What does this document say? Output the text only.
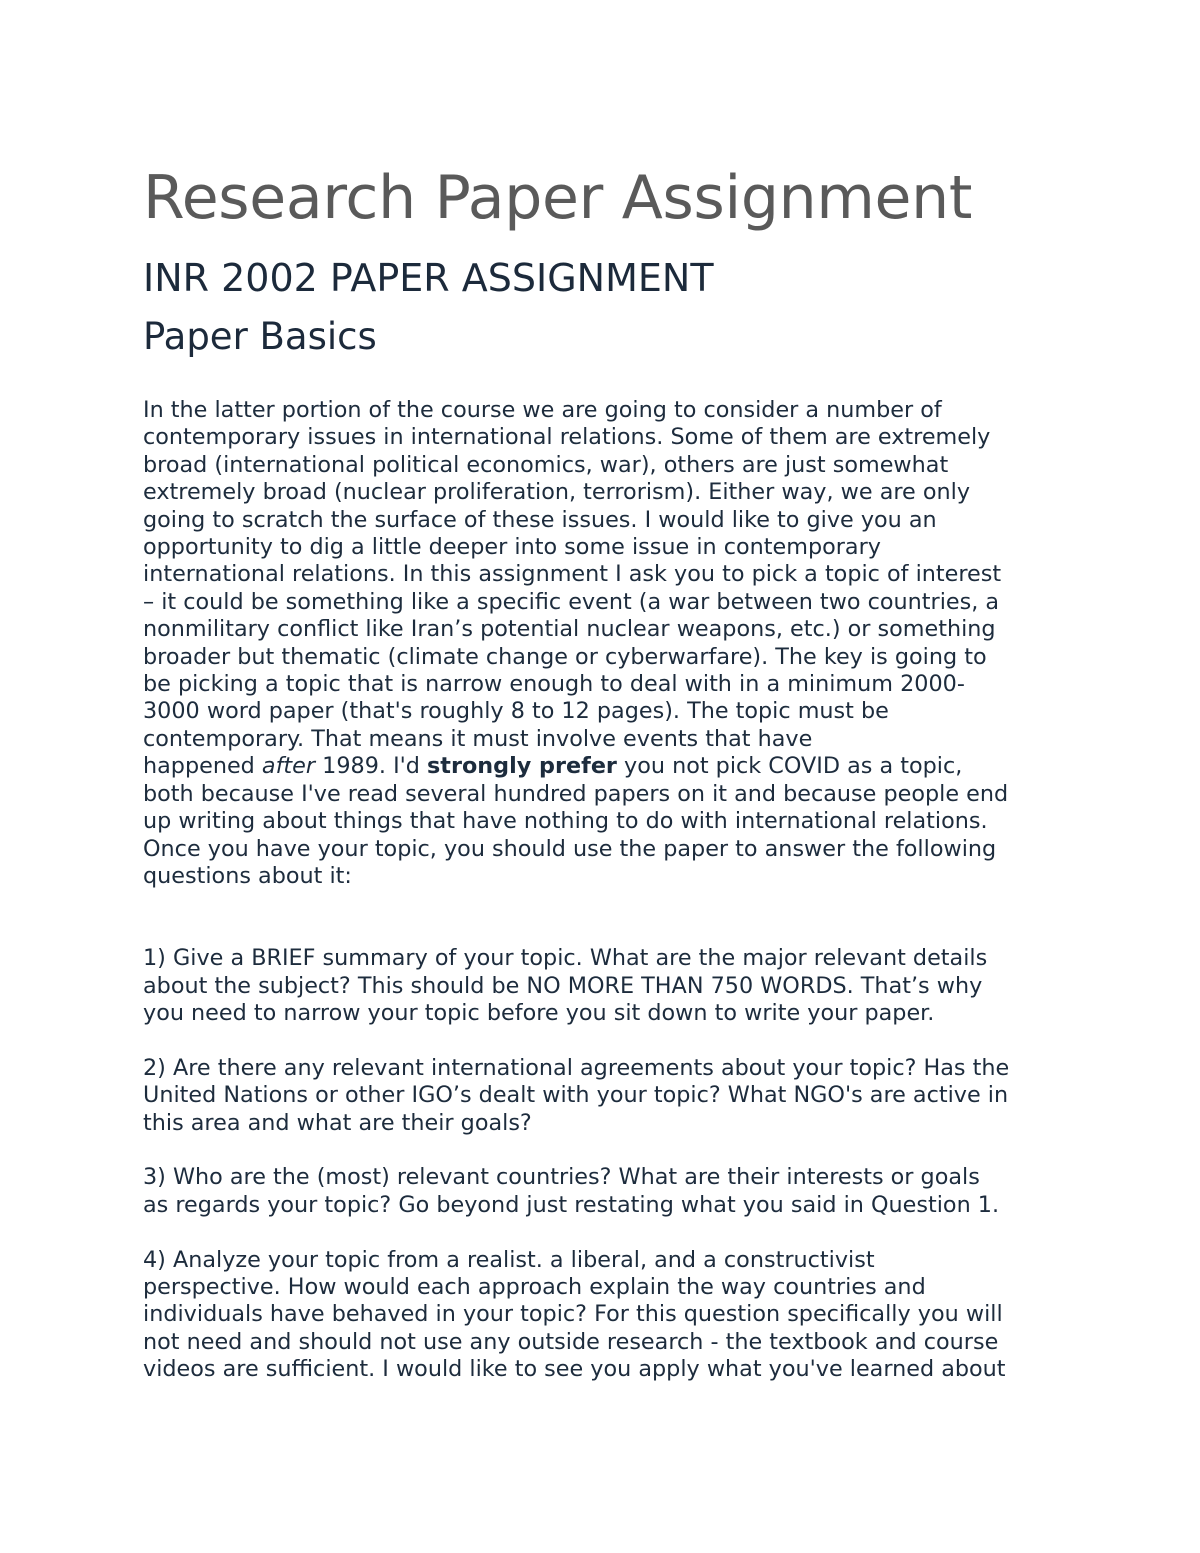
Research Paper Assignment
INR 2002 PAPER ASSIGNMENT
Paper Basics
In the latter portion of the course we are going to consider a number of
contemporary issues in international relations. Some of them are extremely
broad (international political economics, war), others are just somewhat
extremely broad (nuclear proliferation, terrorism). Either way, we are only
going to scratch the surface of these issues. I would like to give you an
opportunity to dig a little deeper into some issue in contemporary
international relations. In this assignment I ask you to pick a topic of interest
– it could be something like a specific event (a war between two countries, a
nonmilitary conflict like Iran’s potential nuclear weapons, etc.) or something
broader but thematic (climate change or cyberwarfare). The key is going to
be picking a topic that is narrow enough to deal with in a minimum 2000-
3000 word paper (that's roughly 8 to 12 pages). The topic must be
contemporary. That means it must involve events that have
happened after 1989. I'd strongly prefer you not pick COVID as a topic,
both because I've read several hundred papers on it and because people end
up writing about things that have nothing to do with international relations.
Once you have your topic, you should use the paper to answer the following
questions about it:
1) Give a BRIEF summary of your topic. What are the major relevant details
about the subject? This should be NO MORE THAN 750 WORDS. That’s why
you need to narrow your topic before you sit down to write your paper.
2) Are there any relevant international agreements about your topic? Has the
United Nations or other IGO’s dealt with your topic? What NGO's are active in
this area and what are their goals?
3) Who are the (most) relevant countries? What are their interests or goals
as regards your topic? Go beyond just restating what you said in Question 1.
4) Analyze your topic from a realist. a liberal, and a constructivist
perspective. How would each approach explain the way countries and
individuals have behaved in your topic? For this question specifically you will
not need and should not use any outside research - the textbook and course
videos are sufficient. I would like to see you apply what you've learned about
